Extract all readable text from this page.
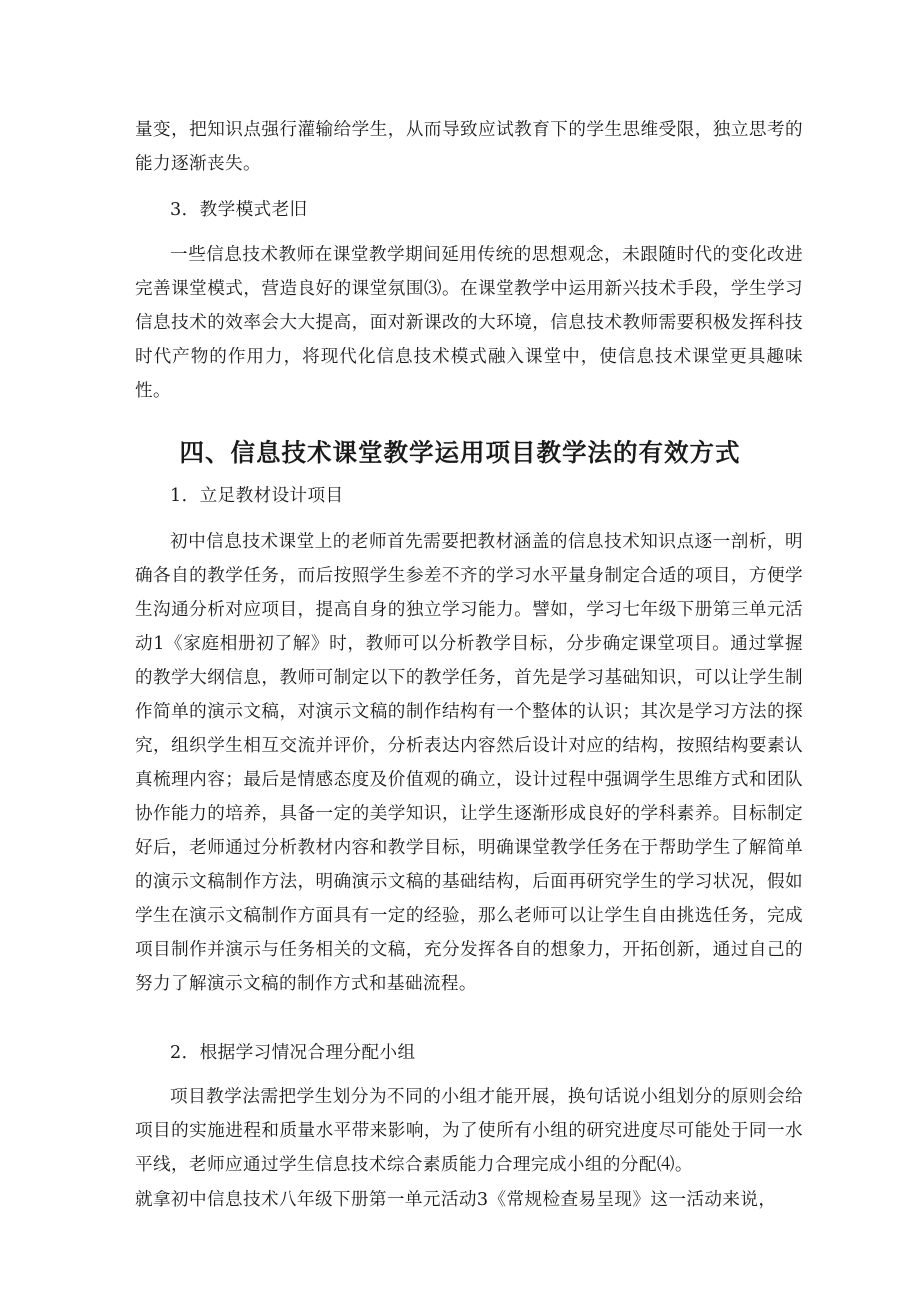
量变，把知识点强行灌输给学生，从而导致应试教育下的学生思维受限，独立思考的能力逐渐丧失。

3．教学模式老旧

一些信息技术教师在课堂教学期间延用传统的思想观念，未跟随时代的变化改进完善课堂模式，营造良好的课堂氛围⑶。在课堂教学中运用新兴技术手段，学生学习信息技术的效率会大大提高，面对新课改的大环境，信息技术教师需要积极发挥科技时代产物的作用力，将现代化信息技术模式融入课堂中，使信息技术课堂更具趣味性。

四、信息技术课堂教学运用项目教学法的有效方式

1．立足教材设计项目

初中信息技术课堂上的老师首先需要把教材涵盖的信息技术知识点逐一剖析，明确各自的教学任务，而后按照学生参差不齐的学习水平量身制定合适的项目，方便学生沟通分析对应项目，提高自身的独立学习能力。譬如，学习七年级下册第三单元活动1《家庭相册初了解》时，教师可以分析教学目标，分步确定课堂项目。通过掌握的教学大纲信息，教师可制定以下的教学任务，首先是学习基础知识，可以让学生制作简单的演示文稿，对演示文稿的制作结构有一个整体的认识；其次是学习方法的探究，组织学生相互交流并评价，分析表达内容然后设计对应的结构，按照结构要素认真梳理内容；最后是情感态度及价值观的确立，设计过程中强调学生思维方式和团队协作能力的培养，具备一定的美学知识，让学生逐渐形成良好的学科素养。目标制定好后，老师通过分析教材内容和教学目标，明确课堂教学任务在于帮助学生了解简单的演示文稿制作方法，明确演示文稿的基础结构，后面再研究学生的学习状况，假如学生在演示文稿制作方面具有一定的经验，那么老师可以让学生自由挑选任务，完成项目制作并演示与任务相关的文稿，充分发挥各自的想象力，开拓创新，通过自己的努力了解演示文稿的制作方式和基础流程。

2．根据学习情况合理分配小组

项目教学法需把学生划分为不同的小组才能开展，换句话说小组划分的原则会给项目的实施进程和质量水平带来影响，为了使所有小组的研究进度尽可能处于同一水平线，老师应通过学生信息技术综合素质能力合理完成小组的分配⑷。

就拿初中信息技术八年级下册第一单元活动3《常规检查易呈现》这一活动来说，
